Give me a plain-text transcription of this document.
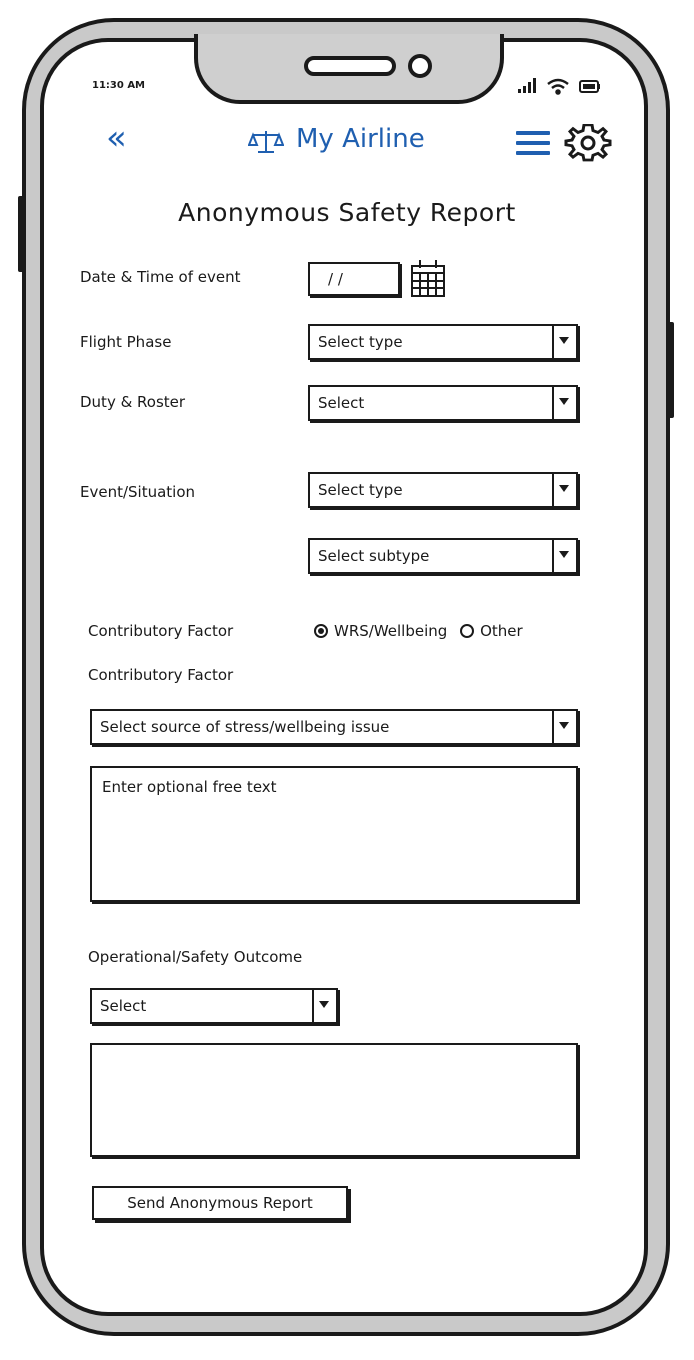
11:30 AM
«	My Airline
Anonymous Safety Report
Date & Time of event	/ /
Flight Phase	Select type
Duty & Roster	Select
Event/Situation	Select type
Select subtype
Contributory Factor	WRS/Wellbeing Other
Contributory Factor
Select source of stress/wellbeing issue
Enter optional free text
Operational/Safety Outcome
Select
Send Anonymous Report
